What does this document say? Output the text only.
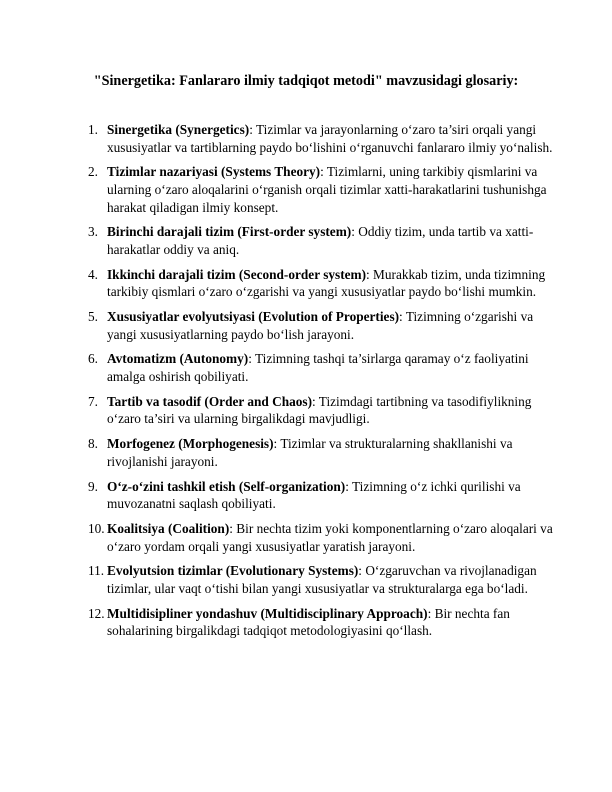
"Sinergetika: Fanlararo ilmiy tadqiqot metodi" mavzusidagi glosariy:
1. Sinergetika (Synergetics): Tizimlar va jarayonlarning o‘zaro ta’siri orqali yangi xususiyatlar va tartiblarning paydo bo‘lishini o‘rganuvchi fanlararo ilmiy yo‘nalish.
2. Tizimlar nazariyasi (Systems Theory): Tizimlarni, uning tarkibiy qismlarini va ularning o‘zaro aloqalarini o‘rganish orqali tizimlar xatti-harakatlarini tushunishga harakat qiladigan ilmiy konsept.
3. Birinchi darajali tizim (First-order system): Oddiy tizim, unda tartib va xatti-harakatlar oddiy va aniq.
4. Ikkinchi darajali tizim (Second-order system): Murakkab tizim, unda tizimning tarkibiy qismlari o‘zaro o‘zgarishi va yangi xususiyatlar paydo bo‘lishi mumkin.
5. Xususiyatlar evolyutsiyasi (Evolution of Properties): Tizimning o‘zgarishi va yangi xususiyatlarning paydo bo‘lish jarayoni.
6. Avtomatizm (Autonomy): Tizimning tashqi ta’sirlarga qaramay o‘z faoliyatini amalga oshirish qobiliyati.
7. Tartib va tasodif (Order and Chaos): Tizimdagi tartibning va tasodifiylikning o‘zaro ta’siri va ularning birgalikdagi mavjudligi.
8. Morfogenez (Morphogenesis): Tizimlar va strukturalarning shakllanishi va rivojlanishi jarayoni.
9. O‘z-o‘zini tashkil etish (Self-organization): Tizimning o‘z ichki qurilishi va muvozanatni saqlash qobiliyati.
10. Koalitsiya (Coalition): Bir nechta tizim yoki komponentlarning o‘zaro aloqalari va o‘zaro yordam orqali yangi xususiyatlar yaratish jarayoni.
11. Evolyutsion tizimlar (Evolutionary Systems): O‘zgaruvchan va rivojlanadigan tizimlar, ular vaqt o‘tishi bilan yangi xususiyatlar va strukturalarga ega bo‘ladi.
12. Multidisipliner yondashuv (Multidisciplinary Approach): Bir nechta fan sohalarining birgalikdagi tadqiqot metodologiyasini qo‘llash.
